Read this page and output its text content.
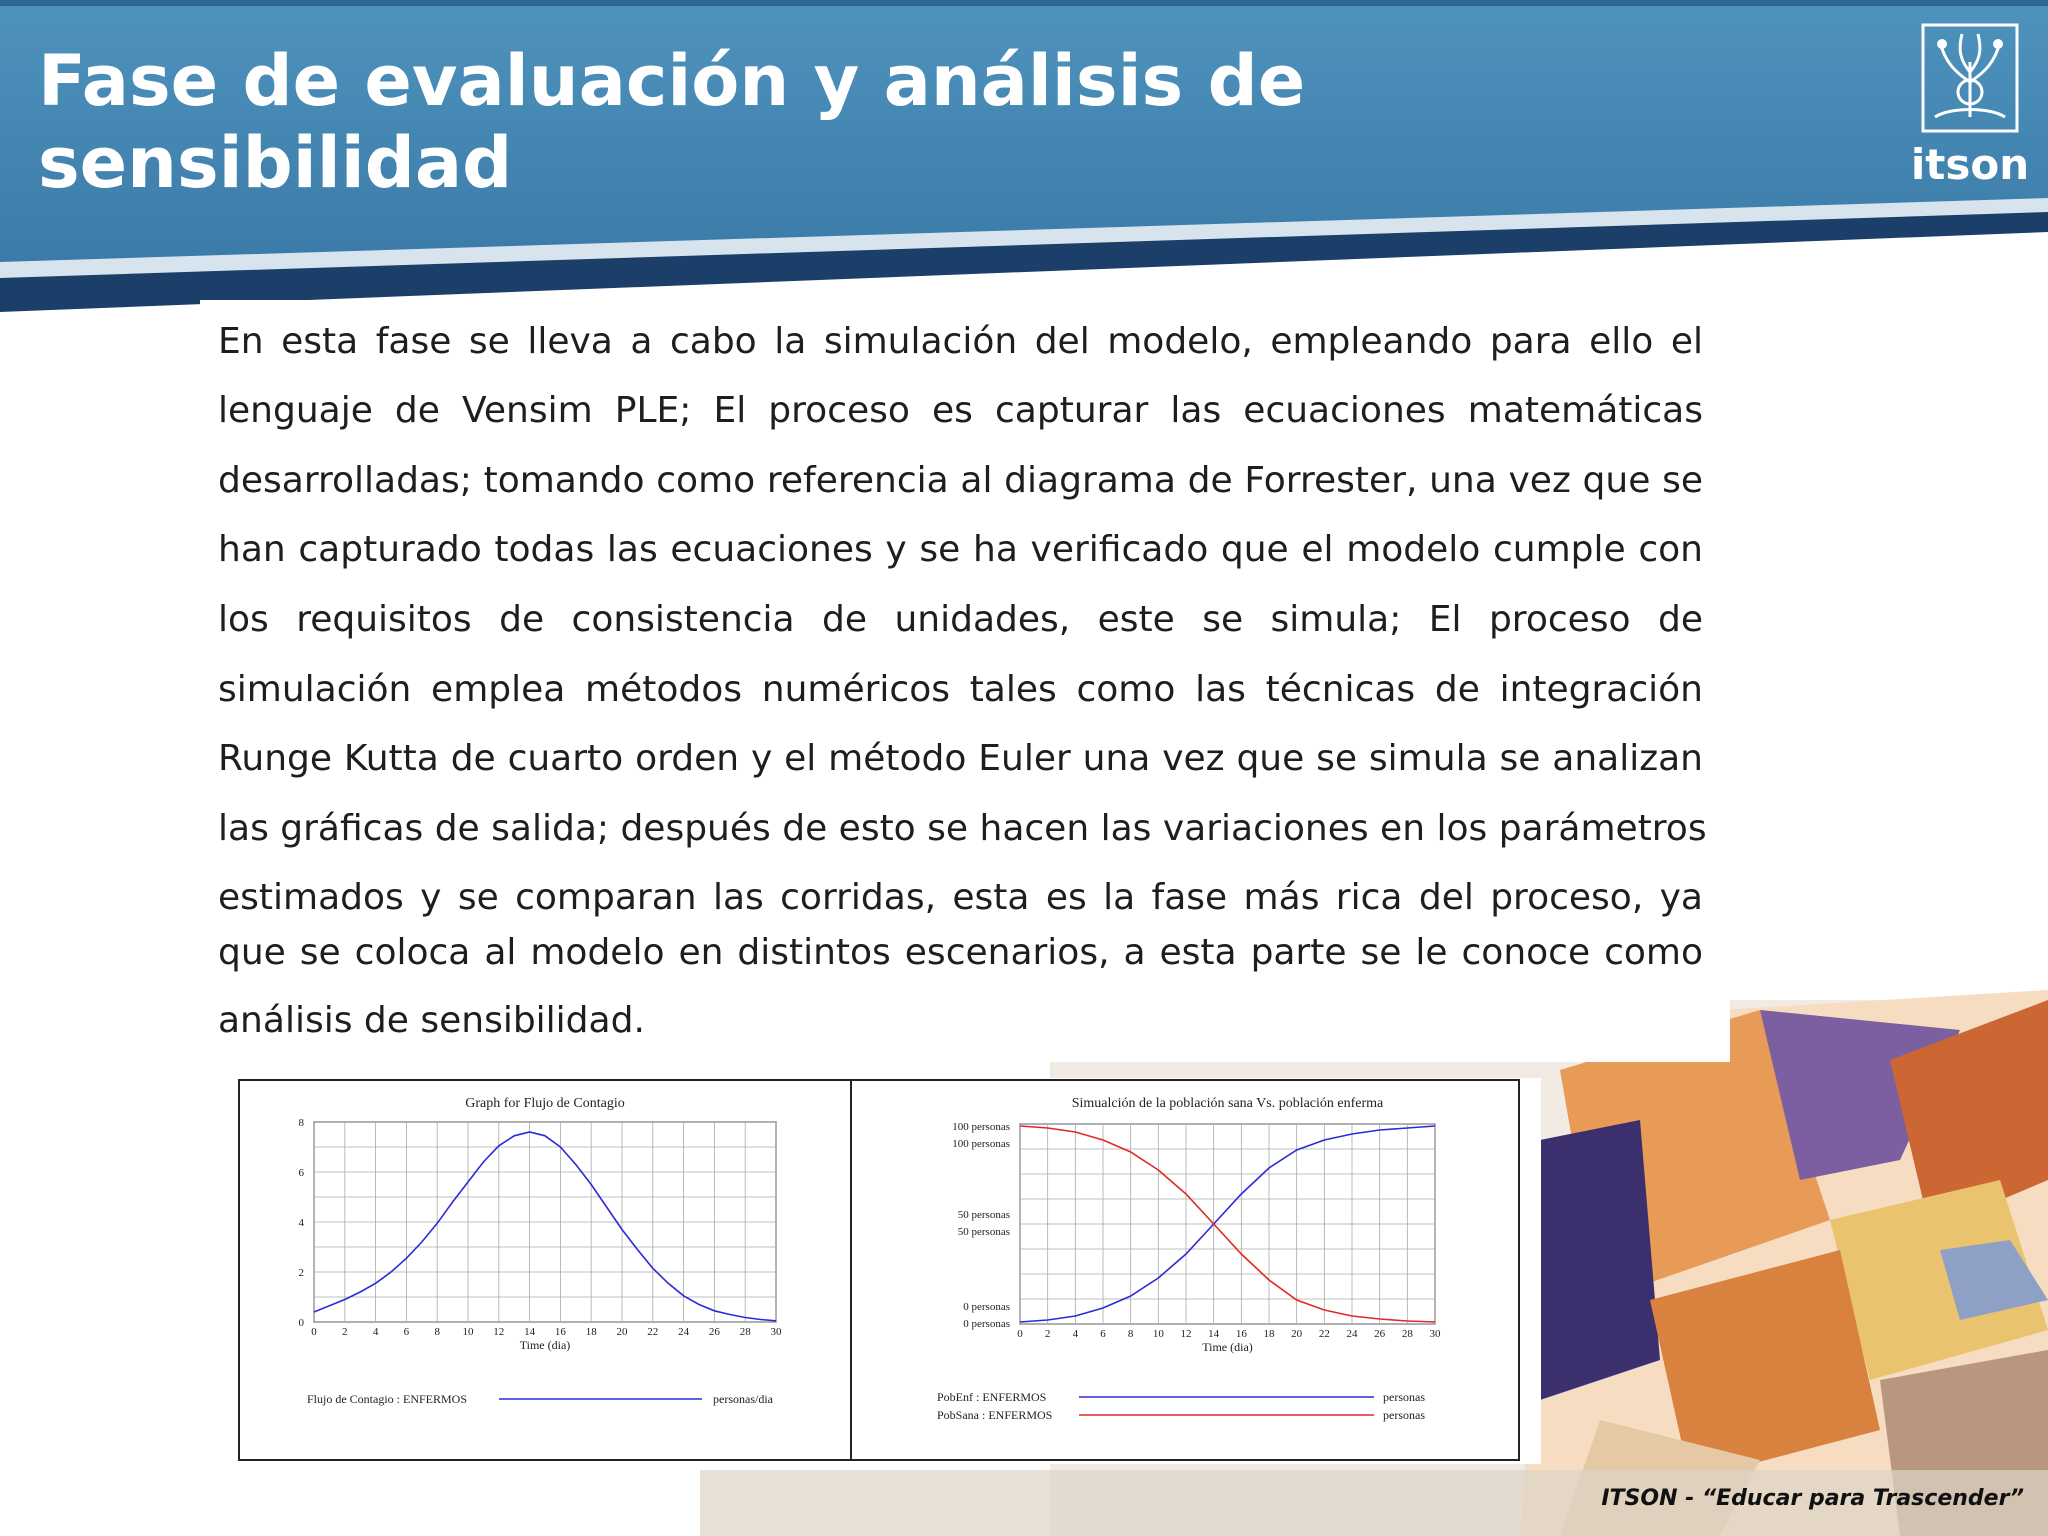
Fase de evaluación y análisis de
sensibilidad	itson

En esta fase se lleva a cabo la simulación del modelo, empleando para ello el

lenguaje de Vensim PLE; El proceso es capturar las ecuaciones matemáticas

desarrolladas; tomando como referencia al diagrama de Forrester, una vez que se

han capturado todas las ecuaciones y se ha verificado que el modelo cumple con

los requisitos de consistencia de unidades, este se simula; El proceso de

simulación emplea métodos numéricos tales como las técnicas de integración

Runge Kutta de cuarto orden y el método Euler una vez que se simula se analizan

las gráficas de salida; después de esto se hacen las variaciones en los parámetros

estimados y se comparan las corridas, esta es la fase más rica del proceso, ya

que se coloca al modelo en distintos escenarios, a esta parte se le conoce como

análisis de sensibilidad.

Graph for Flujo de Contagio
0 2 4 6 8 10 12 14 16 18 20 22 24 26 28 30
0
2
4
6
8
Time (dia)
Flujo de Contagio : ENFERMOS	personas/dia
Simualción de la población sana Vs. población enferma
0 2 4 6 8 10 12 14 16 18 20 22 24 26 28 30
100 personas
100 personas
50 personas
50 personas
0 personas
0 personas
Time (dia)
PobEnf : ENFERMOS	personas
PobSana : ENFERMOS	personas

ITSON - “Educar para Trascender”
